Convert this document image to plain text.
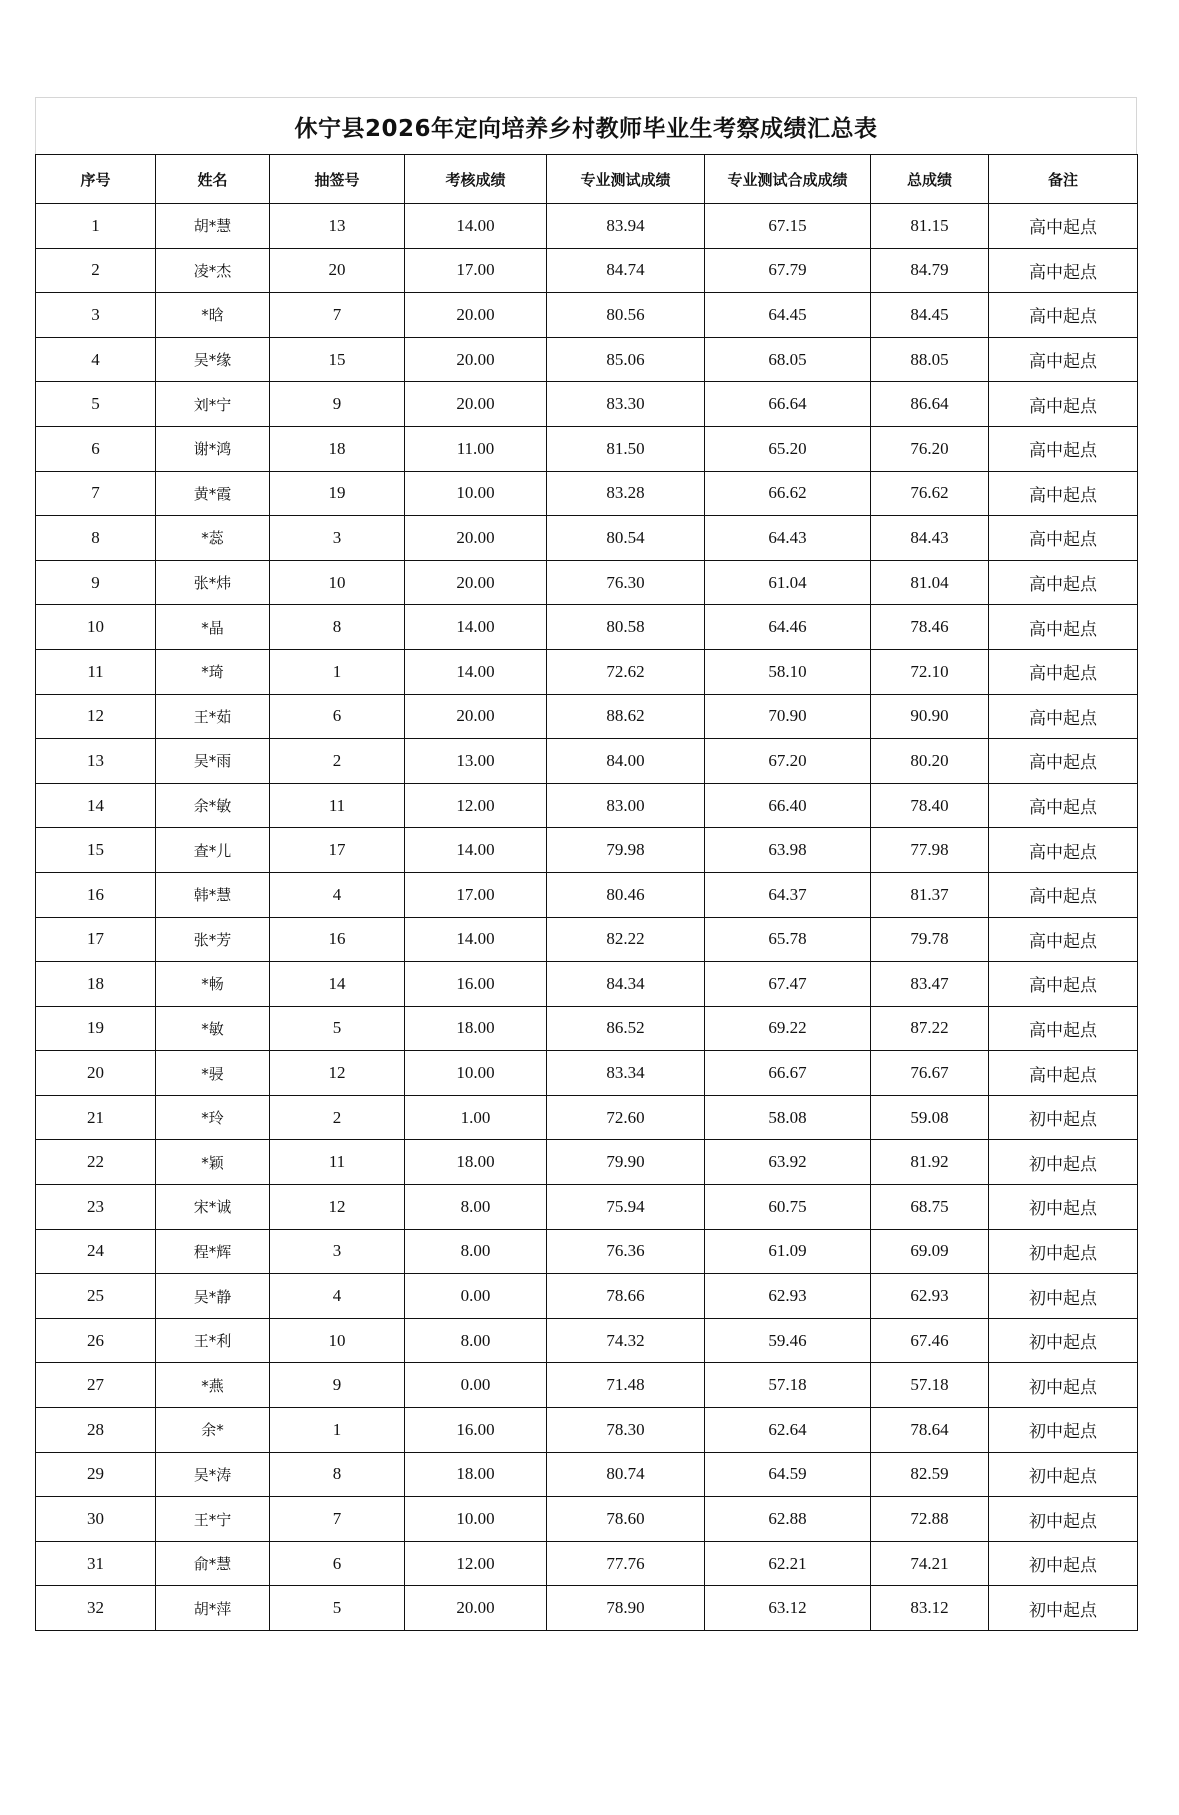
休宁县2026年定向培养乡村教师毕业生考察成绩汇总表
序号	姓名	抽签号	考核成绩	专业测试成绩	专业测试合成成绩	总成绩	备注
1	胡*慧	13	14.00	83.94	67.15	81.15	高中起点
2	凌*杰	20	17.00	84.74	67.79	84.79	高中起点
3	*晗	7	20.00	80.56	64.45	84.45	高中起点
4	吴*缘	15	20.00	85.06	68.05	88.05	高中起点
5	刘*宁	9	20.00	83.30	66.64	86.64	高中起点
6	谢*鸿	18	11.00	81.50	65.20	76.20	高中起点
7	黄*霞	19	10.00	83.28	66.62	76.62	高中起点
8	*蕊	3	20.00	80.54	64.43	84.43	高中起点
9	张*炜	10	20.00	76.30	61.04	81.04	高中起点
10	*晶	8	14.00	80.58	64.46	78.46	高中起点
11	*琦	1	14.00	72.62	58.10	72.10	高中起点
12	王*茹	6	20.00	88.62	70.90	90.90	高中起点
13	吴*雨	2	13.00	84.00	67.20	80.20	高中起点
14	余*敏	11	12.00	83.00	66.40	78.40	高中起点
15	查*儿	17	14.00	79.98	63.98	77.98	高中起点
16	韩*慧	4	17.00	80.46	64.37	81.37	高中起点
17	张*芳	16	14.00	82.22	65.78	79.78	高中起点
18	*畅	14	16.00	84.34	67.47	83.47	高中起点
19	*敏	5	18.00	86.52	69.22	87.22	高中起点
20	*骎	12	10.00	83.34	66.67	76.67	高中起点
21	*玲	2	1.00	72.60	58.08	59.08	初中起点
22	*颖	11	18.00	79.90	63.92	81.92	初中起点
23	宋*诚	12	8.00	75.94	60.75	68.75	初中起点
24	程*辉	3	8.00	76.36	61.09	69.09	初中起点
25	吴*静	4	0.00	78.66	62.93	62.93	初中起点
26	王*利	10	8.00	74.32	59.46	67.46	初中起点
27	*燕	9	0.00	71.48	57.18	57.18	初中起点
28	余*	1	16.00	78.30	62.64	78.64	初中起点
29	吴*涛	8	18.00	80.74	64.59	82.59	初中起点
30	王*宁	7	10.00	78.60	62.88	72.88	初中起点
31	俞*慧	6	12.00	77.76	62.21	74.21	初中起点
32	胡*萍	5	20.00	78.90	63.12	83.12	初中起点
